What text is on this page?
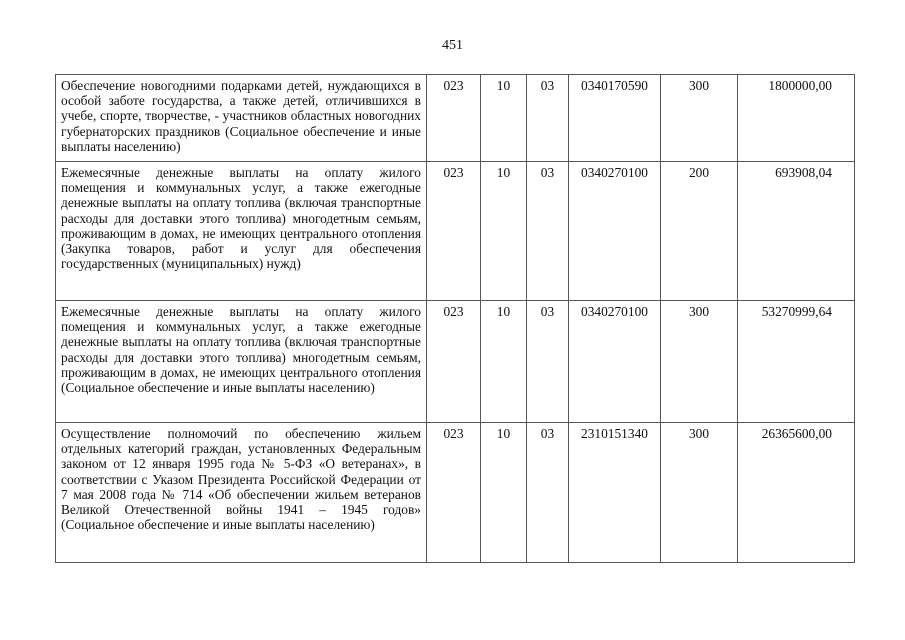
451
Обеспечение новогодними подарками детей, нуждающихся в особой заботе государства, а также детей, отличившихся в учебе, спорте, творчестве, - участников областных новогодних губернаторских праздников (Социальное обеспечение и иные выплаты населению)	023	10	03	0340170590	300	1800000,00
Ежемесячные денежные выплаты на оплату жилого помещения и коммунальных услуг, а также ежегодные денежные выплаты на оплату топлива (включая транспортные расходы для доставки этого топлива) многодетным семьям, проживающим в домах, не имеющих центрального отопления (Закупка товаров, работ и услуг для обеспечения государственных (муниципальных) нужд)	023	10	03	0340270100	200	693908,04
Ежемесячные денежные выплаты на оплату жилого помещения и коммунальных услуг, а также ежегодные денежные выплаты на оплату топлива (включая транспортные расходы для доставки этого топлива) многодетным семьям, проживающим в домах, не имеющих центрального отопления (Социальное обеспечение и иные выплаты населению)	023	10	03	0340270100	300	53270999,64
Осуществление полномочий по обеспечению жильем отдельных категорий граждан, установленных Федеральным законом от 12 января 1995 года № 5-ФЗ «О ветеранах», в соответствии с Указом Президента Российской Федерации от 7 мая 2008 года № 714 «Об обеспечении жильем ветеранов Великой Отечественной войны 1941 – 1945 годов» (Социальное обеспечение и иные выплаты населению)	023	10	03	2310151340	300	26365600,00
